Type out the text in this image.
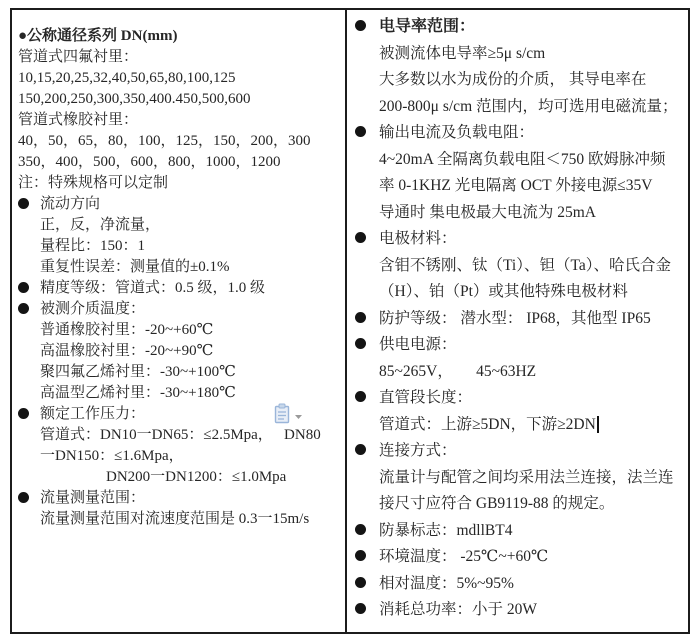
●公称通径系列 DN(mm)
管道式四氟衬里：
10,15,20,25,32,40,50,65,80,100,125
150,200,250,300,350,400.450,500,600
管道式橡胶衬里：
40，50，65，80，100，125，150，200，300
350，400，500，600，800，1000，1200
注：特殊规格可以定制
流动方向
正，反，净流量，
量程比：150：1
重复性误差：测量值的±0.1%
精度等级：管道式：0.5 级，1.0 级
被测介质温度：
普通橡胶衬里：-20~+60℃
高温橡胶衬里：-20~+90℃
聚四氟乙烯衬里：-30~+100℃
高温型乙烯衬里：-30~+180℃
额定工作压力：
管道式：DN10一DN65：≤2.5Mpa，　 DN80
一DN150：≤1.6Mpa，
DN200一DN1200：≤1.0Mpa
流量测量范围：
流量测量范围对流速度范围是 0.3一15m/s
电导率范围：
被测流体电导率≥5μ s/cm
大多数以水为成份的介质， 其导电率在
200-800μ s/cm 范围内，均可选用电磁流量；
输出电流及负载电阻：
4~20mA 全隔离负载电阻＜750 欧姆脉冲频
率 0-1KHZ 光电隔离 OCT 外接电源≤35V
导通时 集电极最大电流为 25mA
电极材料：
含钼不锈刚、钛（Ti）、钽（Ta）、哈氏合金
（H）、铂（Pt）或其他特殊电极材料
防护等级： 潜水型： IP68，其他型 IP65
供电电源：
85~265V，　　45~63HZ
直管段长度：
管道式：上游≥5DN，下游≥2DN
连接方式：
流量计与配管之间均采用法兰连接，法兰连
接尺寸应符合 GB9119-88 的规定。
防暴标志：mdllBT4
环境温度： -25℃~+60℃
相对温度：5%~95%
消耗总功率：小于 20W
